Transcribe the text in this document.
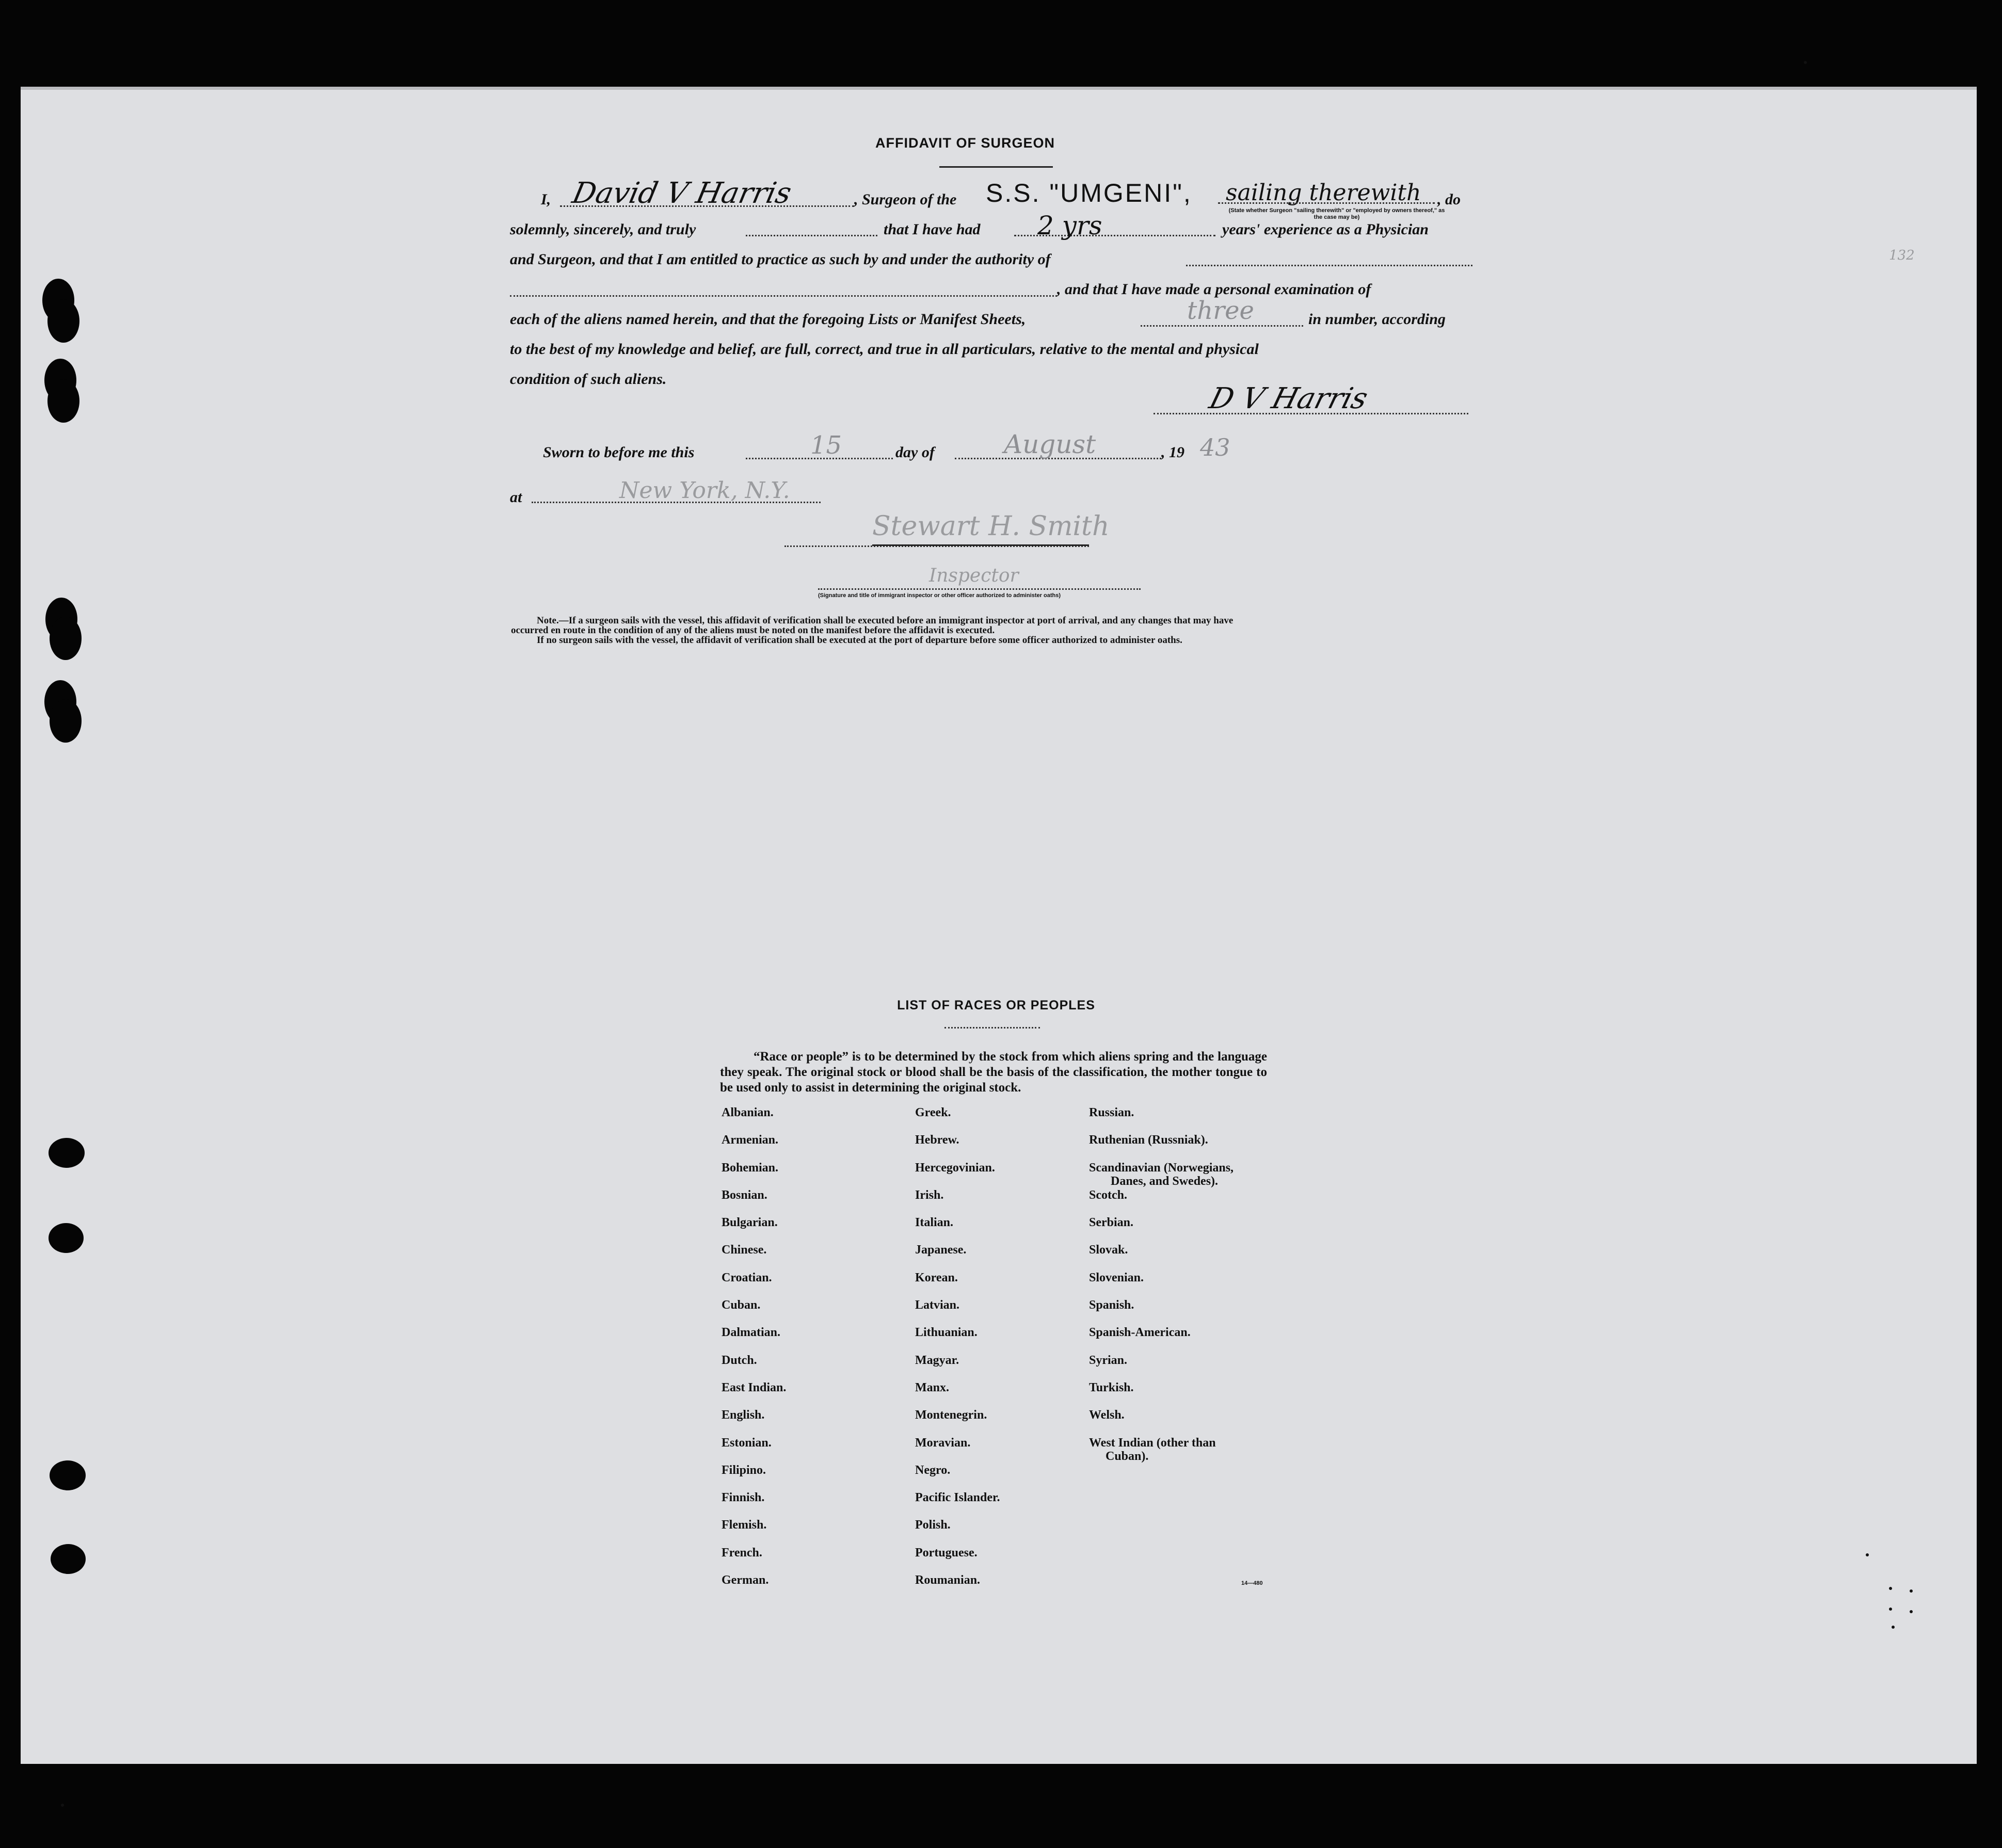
132
AFFIDAVIT OF SURGEON
I, David V Harris	, Surgeon of the S.S. "UMGENI", sailing therewith
(State whether Surgeon "sailing therewith" or "employed by owners thereof," as the case may be)
, do
solemnly, sincerely, and truly	that I have had 2 yrs	years' experience as a Physician
and Surgeon, and that I am entitled to practice as such by and under the authority of
, and that I have made a personal examination of
each of the aliens named herein, and that the foregoing Lists or Manifest Sheets,	three	in number, according
to the best of my knowledge and belief, are full, correct, and true in all particulars, relative to the mental and physical
condition of such aliens.
D V Harris
Sworn to before me this	15	day of	August	, 19 43
at	New York, N.Y.
Stewart H. Smith
Inspector
(Signature and title of immigrant inspector or other officer authorized to administer oaths)
Note.—If a surgeon sails with the vessel, this affidavit of verification shall be executed before an immigrant inspector at port of arrival, and any changes that may have
occurred en route in the condition of any of the aliens must be noted on the manifest before the affidavit is executed.
If no surgeon sails with the vessel, the affidavit of verification shall be executed at the port of departure before some officer authorized to administer oaths.
LIST OF RACES OR PEOPLES
“Race or people” is to be determined by the stock from which aliens spring and the language they speak. The original stock or blood shall be the basis of the classification, the mother tongue to be used only to assist in determining the original stock.
Albanian.
Armenian.
Bohemian.
Bosnian.
Bulgarian.
Chinese.
Croatian.
Cuban.
Dalmatian.
Dutch.
East Indian.
English.
Estonian.
Filipino.
Finnish.
Flemish.
French.
German.
Greek.
Hebrew.
Hercegovinian.
Irish.
Italian.
Japanese.
Korean.
Latvian.
Lithuanian.
Magyar.
Manx.
Montenegrin.
Moravian.
Negro.
Pacific Islander.
Polish.
Portuguese.
Roumanian.
Russian.
Ruthenian (Russniak).
Scandinavian (Norwegians,
Danes, and Swedes).
Scotch.
Serbian.
Slovak.
Slovenian.
Spanish.
Spanish-American.
Syrian.
Turkish.
Welsh.
West Indian (other than
Cuban).
14—480
